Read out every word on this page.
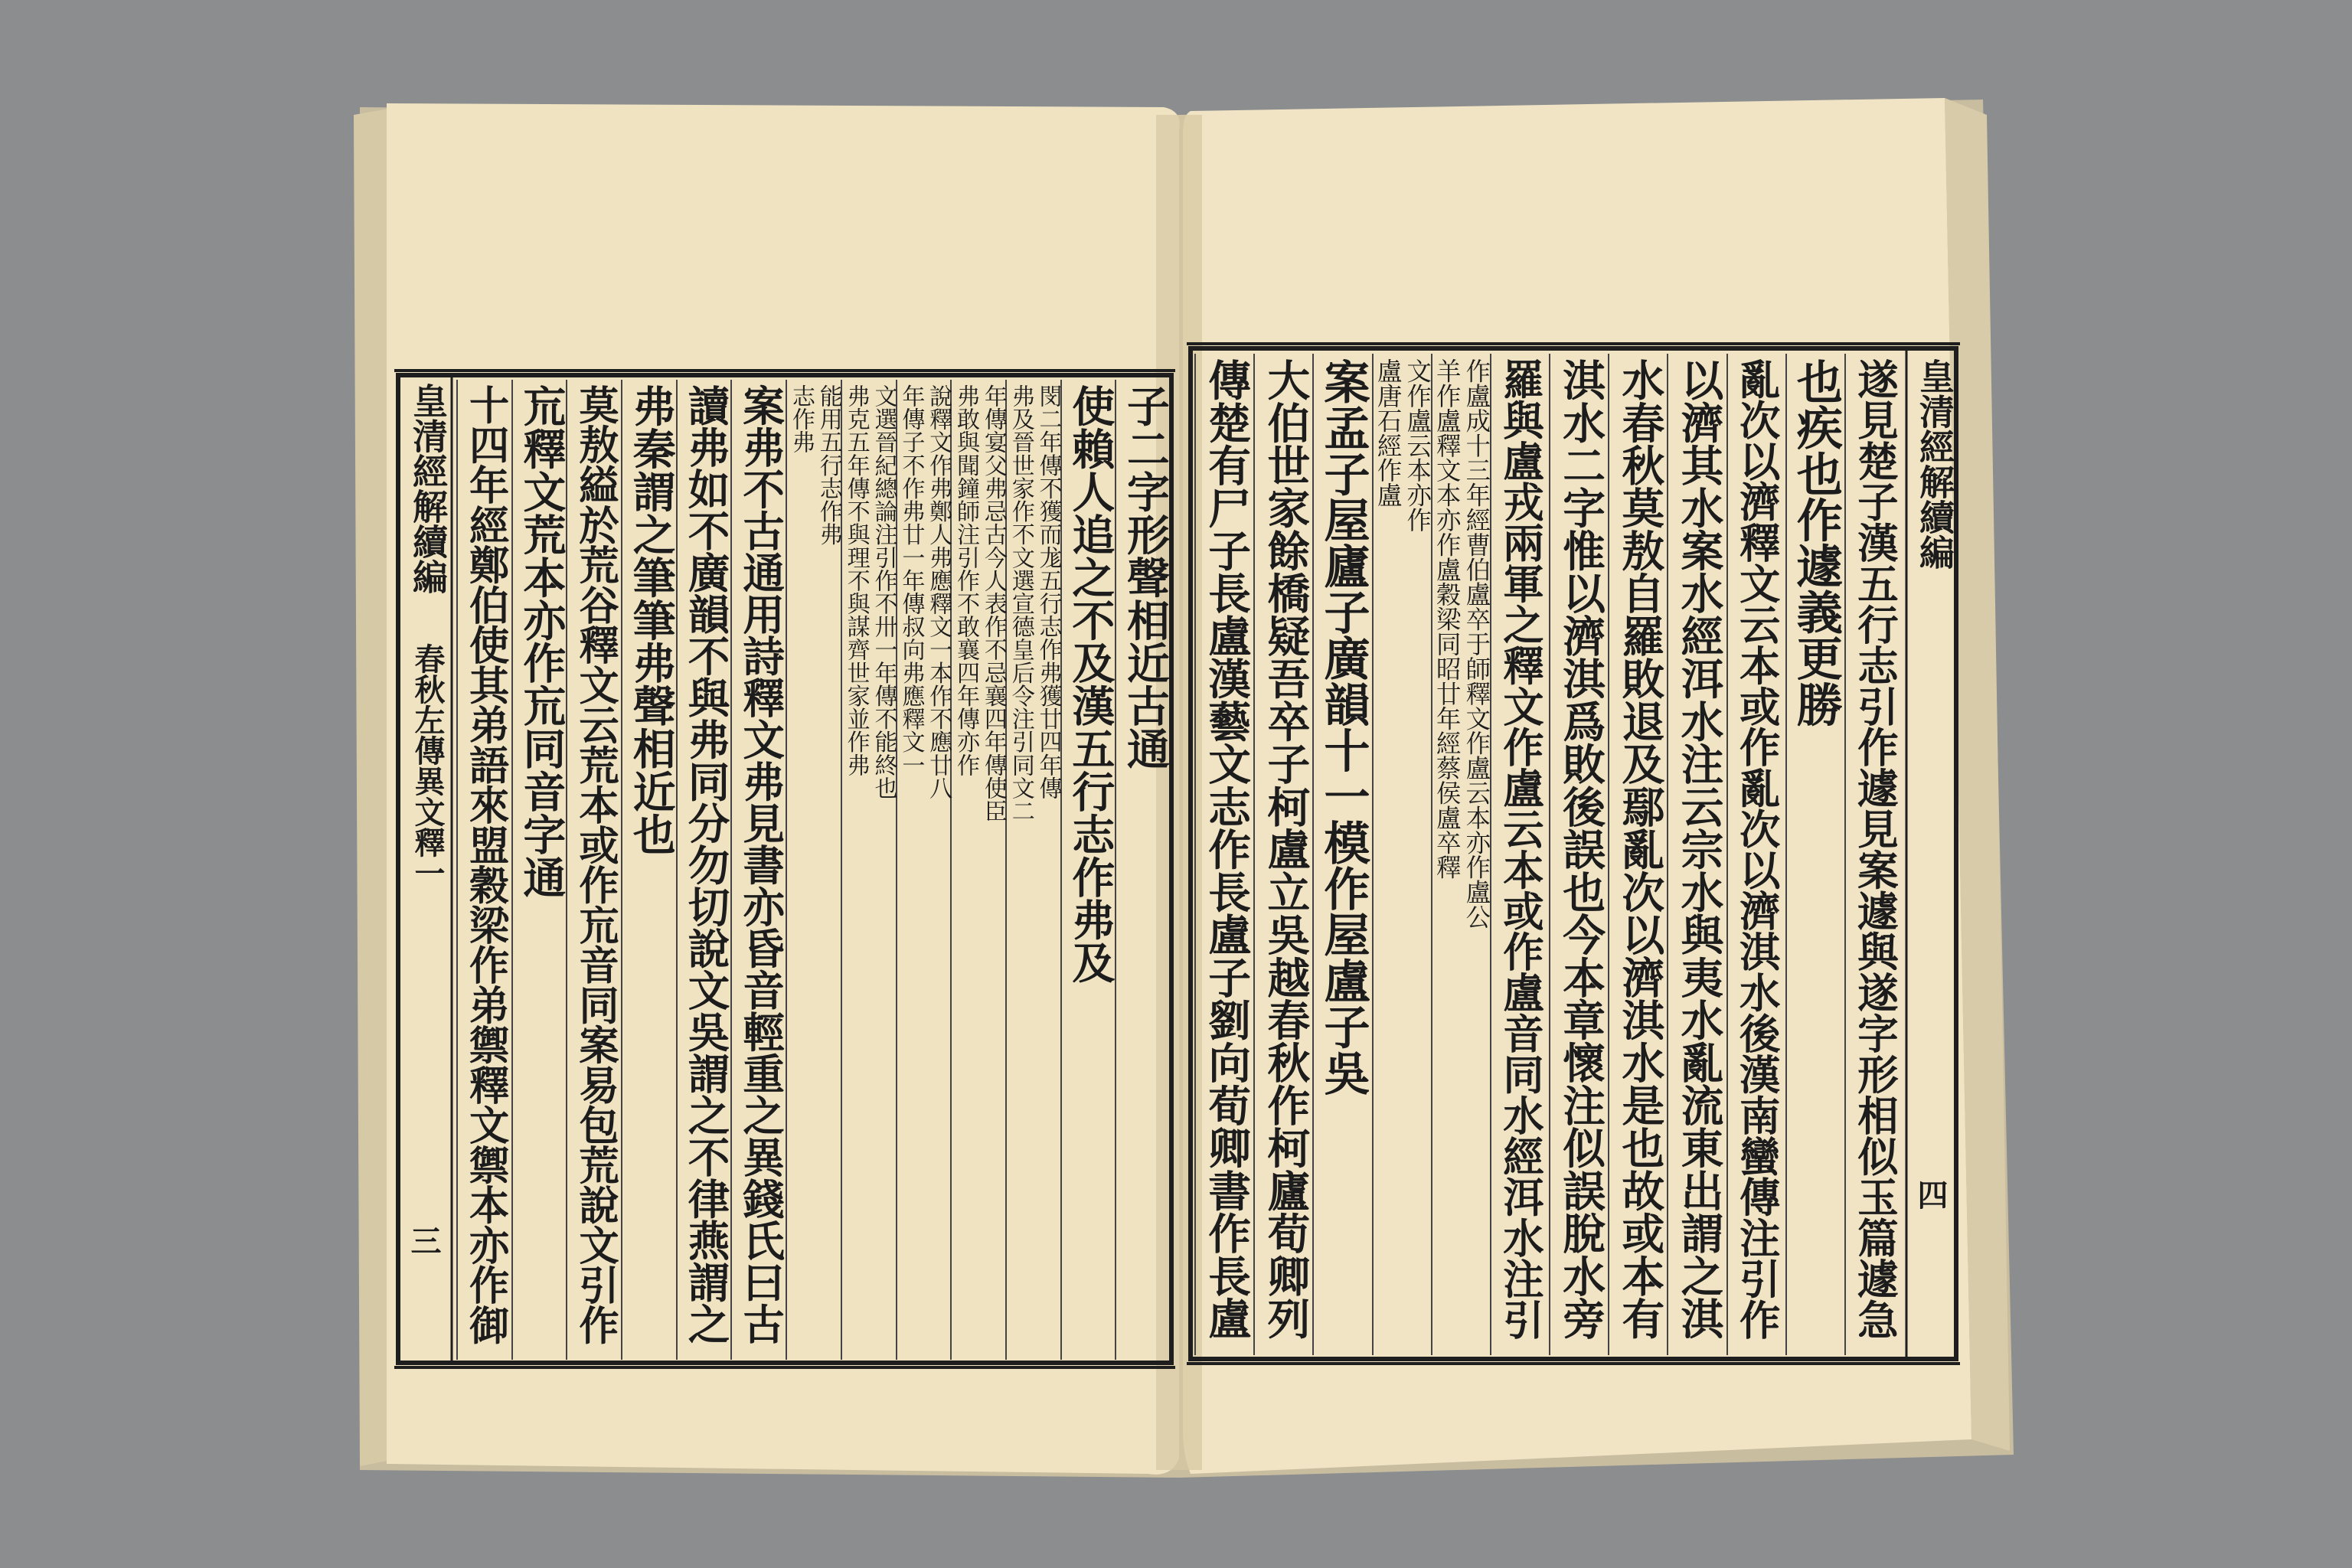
子二字形聲相近古通
使賴人追之不及漢五行志作弗及
閔二年傳不獲而尨五行志作弗獲廿四年傳
弗及晉世家作不文選宣德皇后令注引同文二
年傳宴父弗忌古今人表作不忌襄四年傳使臣
弗敢與聞鐘師注引作不敢襄四年傳亦作
說釋文作弗鄭人弗應釋文一本作不應廿八
年傳子不作弗廿一年傳叔向弗應釋文一
文選晉紀總論注引作不卅一年傳不能終也
弗克五年傳不與理不與謀齊世家並作弗
能用五行志作弗
志作弗
案弗不古通用詩釋文弗見書亦昏音輕重之異錢氏曰古
讀弗如不廣韻不與弗同分勿切說文吳謂之不律燕謂之
弗秦謂之筆筆弗聲相近也
莫敖縊於荒谷釋文云荒本或作巟音同案易包荒說文引作
巟釋文荒本亦作巟同音字通
十四年經鄭伯使其弟語來盟穀梁作弟禦釋文禦本亦作御	遂見楚子漢五行志引作遽見案遽與遂字形相似玉篇遽急
也疾也作遽義更勝
亂次以濟釋文云本或作亂次以濟淇水後漢南蠻傳注引作
以濟其水案水經洱水注云宗水與夷水亂流東出謂之淇
水春秋莫敖自羅敗退及鄢亂次以濟淇水是也故或本有
淇水二字惟以濟淇爲敗後誤也今本章懷注似誤脫水旁
羅與盧戎兩軍之釋文作盧云本或作盧音同水經洱水注引
作盧成十三年經曹伯盧卒于師釋文作盧云本亦作盧公
羊作盧釋文本亦作盧穀梁同昭廿年經蔡侯盧卒釋
文作盧云本亦作
盧唐石經作盧
案孟子屋廬子廣韻十一模作屋盧子吳
大伯世家餘橋疑吾卒子柯盧立吳越春秋作柯廬荀卿列
傳楚有尸子長盧漢藝文志作長盧子劉向荀卿書作長盧
皇清經解續編
春秋左傳異文釋一
三
皇清經解續編
四
